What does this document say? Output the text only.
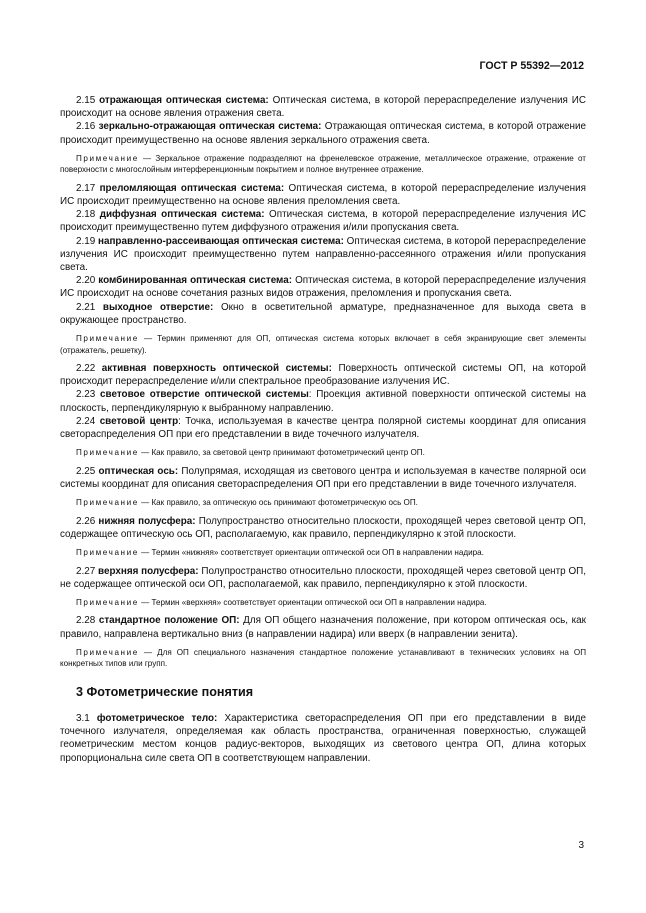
ГОСТ Р 55392—2012

2.15 отражающая оптическая система: Оптическая система, в которой перераспределение излучения ИС происходит на основе явления отражения света.

2.16 зеркально-отражающая оптическая система: Отражающая оптическая система, в которой отражение происходит преимущественно на основе явления зеркального отражения света.

Примечание — Зеркальное отражение подразделяют на френелевское отражение, металлическое отражение, отражение от поверхности с многослойным интерференционным покрытием и полное внутреннее отражение.

2.17 преломляющая оптическая система: Оптическая система, в которой перераспределение излучения ИС происходит преимущественно на основе явления преломления света.

2.18 диффузная оптическая система: Оптическая система, в которой перераспределение излучения ИС происходит преимущественно путем диффузного отражения и/или пропускания света.

2.19 направленно-рассеивающая оптическая система: Оптическая система, в которой перераспределение излучения ИС происходит преимущественно путем направленно-рассеянного отражения и/или пропускания света.

2.20 комбинированная оптическая система: Оптическая система, в которой перераспределение излучения ИС происходит на основе сочетания разных видов отражения, преломления и пропускания света.

2.21 выходное отверстие: Окно в осветительной арматуре, предназначенное для выхода света в окружающее пространство.

Примечание — Термин применяют для ОП, оптическая система которых включает в себя экранирующие свет элементы (отражатель, решетку).

2.22 активная поверхность оптической системы: Поверхность оптической системы ОП, на которой происходит перераспределение и/или спектральное преобразование излучения ИС.

2.23 световое отверстие оптической системы: Проекция активной поверхности оптической системы на плоскость, перпендикулярную к выбранному направлению.

2.24 световой центр: Точка, используемая в качестве центра полярной системы координат для описания светораспределения ОП при его представлении в виде точечного излучателя.

Примечание — Как правило, за световой центр принимают фотометрический центр ОП.

2.25 оптическая ось: Полупрямая, исходящая из светового центра и используемая в качестве полярной оси системы координат для описания светораспределения ОП при его представлении в виде точечного излучателя.

Примечание — Как правило, за оптическую ось принимают фотометрическую ось ОП.

2.26 нижняя полусфера: Полупространство относительно плоскости, проходящей через световой центр ОП, содержащее оптическую ось ОП, располагаемую, как правило, перпендикулярно к этой плоскости.

Примечание — Термин «нижняя» соответствует ориентации оптической оси ОП в направлении надира.

2.27 верхняя полусфера: Полупространство относительно плоскости, проходящей через световой центр ОП, не содержащее оптической оси ОП, располагаемой, как правило, перпендикулярно к этой плоскости.

Примечание — Термин «верхняя» соответствует ориентации оптической оси ОП в направлении надира.

2.28 стандартное положение ОП: Для ОП общего назначения положение, при котором оптическая ось, как правило, направлена вертикально вниз (в направлении надира) или вверх (в направлении зенита).

Примечание — Для ОП специального назначения стандартное положение устанавливают в технических условиях на ОП конкретных типов или групп.

3 Фотометрические понятия

3.1 фотометрическое тело: Характеристика светораспределения ОП при его представлении в виде точечного излучателя, определяемая как область пространства, ограниченная поверхностью, служащей геометрическим местом концов радиус-векторов, выходящих из светового центра ОП, длина которых пропорциональна силе света ОП в соответствующем направлении.

3
